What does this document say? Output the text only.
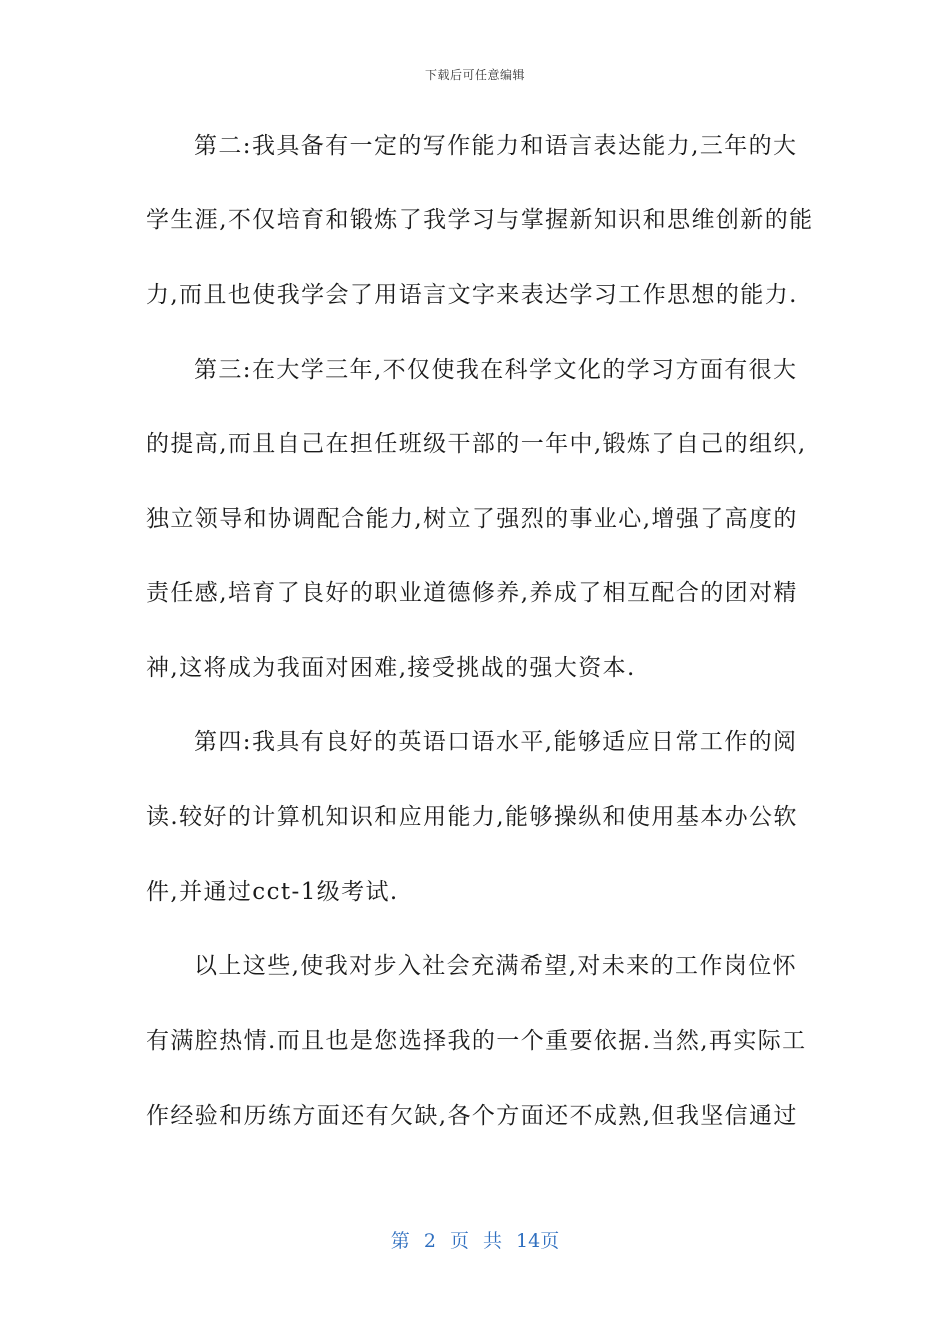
下载后可任意编辑
第二:我具备有一定的写作能力和语言表达能力,三年的大
学生涯,不仅培育和锻炼了我学习与掌握新知识和思维创新的能
力,而且也使我学会了用语言文字来表达学习工作思想的能力.
第三:在大学三年,不仅使我在科学文化的学习方面有很大
的提高,而且自己在担任班级干部的一年中,锻炼了自己的组织,
独立领导和协调配合能力,树立了强烈的事业心,增强了高度的
责任感,培育了良好的职业道德修养,养成了相互配合的团对精
神,这将成为我面对困难,接受挑战的强大资本.
第四:我具有良好的英语口语水平,能够适应日常工作的阅
读.较好的计算机知识和应用能力,能够操纵和使用基本办公软
件,并通过cct-1级考试.
以上这些,使我对步入社会充满希望,对未来的工作岗位怀
有满腔热情.而且也是您选择我的一个重要依据.当然,再实际工
作经验和历练方面还有欠缺,各个方面还不成熟,但我坚信通过
第 2 页 共 14页
